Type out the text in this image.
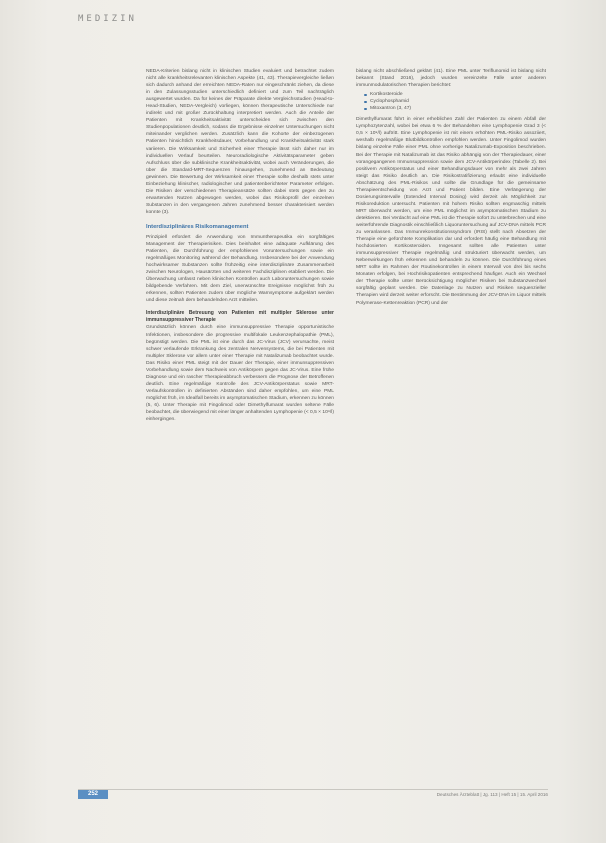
MEDIZIN

NEDA-Kriterien bislang nicht in klinischen Studien evaluiert und betrachtet zudem nicht alle krankheitsrelevanten klinischen Aspekte (41, 43). Therapievergleiche ließen sich dadurch anhand der erreichten NEDA-Raten nur eingeschränkt ziehen, da diese in den Zulassungsstudien unterschiedlich definiert und zum Teil nachträglich ausgewertet wurden. Da für keines der Präparate direkte Vergleichsstudien (Head-to-Head-Studien, NEDA-Vergleich) vorliegen, können therapeutische Unterschiede nur indirekt und mit großer Zurückhaltung interpretiert werden. Auch die Anteile der Patienten mit Krankheitsaktivität unterscheiden sich zwischen den Studienpopulationen deutlich, sodass die Ergebnisse einzelner Untersuchungen nicht miteinander verglichen werden. Zusätzlich kann die Kohorte der einbezogenen Patienten hinsichtlich Krankheitsdauer, Vorbehandlung und Krankheitsaktivität stark variieren. Die Wirksamkeit und Sicherheit einer Therapie lässt sich daher nur im individuellen Verlauf beurteilen. Neuroradiologische Aktivitätsparameter geben Aufschluss über die subklinische Krankheitsaktivität, wobei auch Veränderungen, die über die Standard-MRT-Sequenzen hinausgehen, zunehmend an Bedeutung gewinnen. Die Bewertung der Wirksamkeit einer Therapie sollte deshalb stets unter Einbeziehung klinischer, radiologischer und patientenberichteter Parameter erfolgen. Die Risiken der verschiedenen Therapieansätze sollten dabei stets gegen den zu erwartenden Nutzen abgewogen werden, wobei das Risikoprofil der einzelnen Substanzen in den vergangenen Jahren zunehmend besser charakterisiert werden konnte (3).

Interdisziplinäres Risikomanagement

Prinzipiell erfordert die Anwendung von Immuntherapeutika ein sorgfältiges Management der Therapierisiken. Dies beinhaltet eine adäquate Aufklärung des Patienten, die Durchführung der empfohlenen Voruntersuchungen sowie ein regelmäßiges Monitoring während der Behandlung. Insbesondere bei der Anwendung hochwirksamer Substanzen sollte frühzeitig eine interdisziplinäre Zusammenarbeit zwischen Neurologen, Hausärzten und weiteren Fachdisziplinen etabliert werden. Die Überwachung umfasst neben klinischen Kontrollen auch Laboruntersuchungen sowie bildgebende Verfahren. Mit dem Ziel, unerwünschte Ereignisse möglichst früh zu erkennen, sollten Patienten zudem über mögliche Warnsymptome aufgeklärt werden und diese zeitnah dem behandelnden Arzt mitteilen.

Interdisziplinäre Betreuung von Patienten mit multipler Sklerose unter immunsuppressiver Therapie

Grundsätzlich können durch eine immunsuppressive Therapie opportunistische Infektionen, insbesondere die progressive multifokale Leukenzephalopathie (PML), begünstigt werden. Die PML ist eine durch das JC-Virus (JCV) verursachte, meist schwer verlaufende Erkrankung des zentralen Nervensystems, die bei Patienten mit multipler Sklerose vor allem unter einer Therapie mit Natalizumab beobachtet wurde. Das Risiko einer PML steigt mit der Dauer der Therapie, einer immunsuppressiven Vorbehandlung sowie dem Nachweis von Antikörpern gegen das JC-Virus. Eine frühe Diagnose und ein rascher Therapieabbruch verbessern die Prognose der Betroffenen deutlich. Eine regelmäßige Kontrolle des JCV-Antikörperstatus sowie MRT-Verlaufskontrollen in definierten Abständen sind daher empfohlen, um eine PML möglichst früh, im Idealfall bereits im asymptomatischen Stadium, erkennen zu können (5, 6). Unter Therapie mit Fingolimod oder Dimethylfumarat wurden seltene Fälle beobachtet, die überwiegend mit einer länger anhaltenden Lymphopenie (< 0,5 × 10⁹/l) einhergingen.

bislang nicht abschließend geklärt (41). Eine PML unter Teriflunomid ist bislang nicht bekannt (Stand 2016), jedoch wurden vereinzelte Fälle unter anderen immunmodulatorischen Therapien berichtet:

Kortikosteroide
Cyclophosphamid
Mitoxantron (3, 47)

Dimethylfumarat führt in einer erheblichen Zahl der Patienten zu einem Abfall der Lymphozytenzahl, wobei bei etwa 6 % der Behandelten eine Lymphopenie Grad 3 (< 0,5 × 10⁹/l) auftritt. Eine Lymphopenie ist mit einem erhöhten PML-Risiko assoziiert, weshalb regelmäßige Blutbildkontrollen empfohlen werden. Unter Fingolimod wurden bislang einzelne Fälle einer PML ohne vorherige Natalizumab-Exposition beschrieben. Bei der Therapie mit Natalizumab ist das Risiko abhängig von der Therapiedauer, einer vorangegangenen Immunsuppression sowie dem JCV-Antikörperindex (Tabelle 2). Bei positivem Antikörperstatus und einer Behandlungsdauer von mehr als zwei Jahren steigt das Risiko deutlich an. Die Risikostratifizierung erlaubt eine individuelle Abschätzung des PML-Risikos und sollte die Grundlage für die gemeinsame Therapieentscheidung von Arzt und Patient bilden. Eine Verlängerung der Dosierungsintervalle (Extended Interval Dosing) wird derzeit als Möglichkeit zur Risikoreduktion untersucht. Patienten mit hohem Risiko sollten engmaschig mittels MRT überwacht werden, um eine PML möglichst im asymptomatischen Stadium zu detektieren. Bei Verdacht auf eine PML ist die Therapie sofort zu unterbrechen und eine weiterführende Diagnostik einschließlich Liquoruntersuchung auf JCV-DNA mittels PCR zu veranlassen. Das Immunrekonstitutionssyndrom (IRIS) stellt nach Absetzen der Therapie eine gefürchtete Komplikation dar und erfordert häufig eine Behandlung mit hochdosierten Kortikosteroiden. Insgesamt sollten alle Patienten unter immunsuppressiver Therapie regelmäßig und strukturiert überwacht werden, um Nebenwirkungen früh erkennen und behandeln zu können. Die Durchführung eines MRT sollte im Rahmen der Routinekontrollen in einem Intervall von drei bis sechs Monaten erfolgen, bei Hochrisikopatienten entsprechend häufiger. Auch ein Wechsel der Therapie sollte unter Berücksichtigung möglicher Risiken bei Substanzwechsel sorgfältig geplant werden. Die Datenlage zu Nutzen und Risiken sequenzieller Therapien wird derzeit weiter erforscht. Die Bestimmung der JCV-DNA im Liquor mittels Polymerase-Kettenreaktion (PCR) und der

252	Deutsches Ärzteblatt | Jg. 113 | Heft 15 | 15. April 2016
